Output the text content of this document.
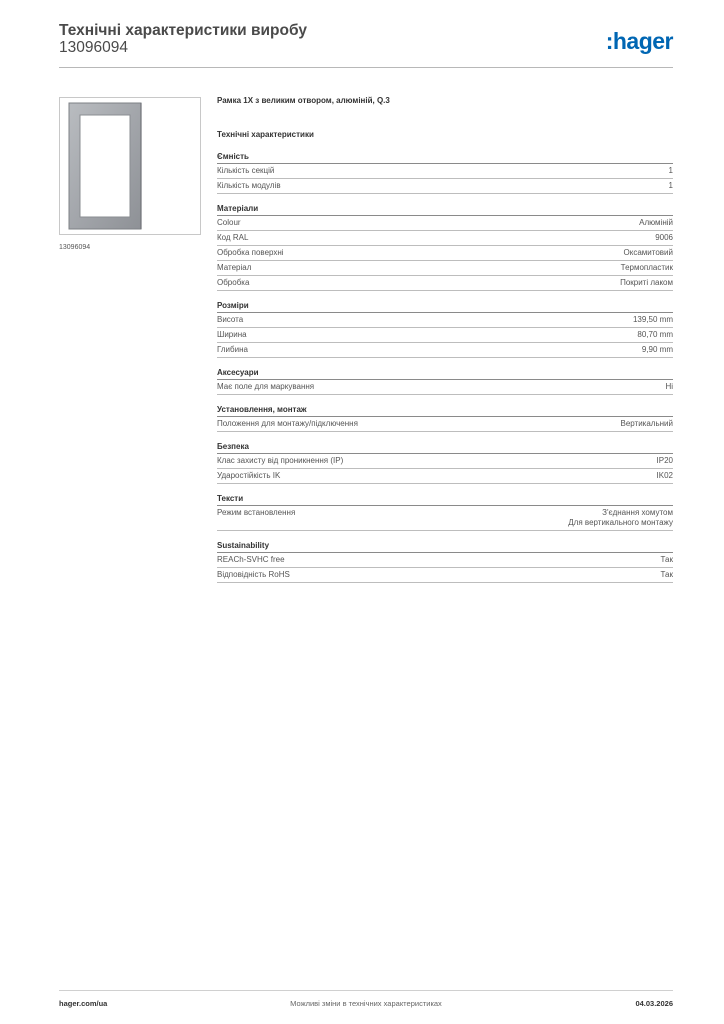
Технічні характеристики виробу
13096094	:hager
13096094
Рамка 1X з великим отвором, алюміній, Q.3
Технічні характеристики
Ємність
Кількість секцій	1
Кількість модулів	1
Матеріали
Colour	Алюміній
Код RAL	9006
Обробка поверхні	Оксамитовий
Матеріал	Термопластик
Обробка	Покриті лаком
Розміри
Висота	139,50 mm
Ширина	80,70 mm
Глибина	9,90 mm
Аксесуари
Має поле для маркування	Ні
Установлення, монтаж
Положення для монтажу/підключення	Вертикальний
Безпека
Клас захисту від проникнення (IP)	IP20
Ударостійкість IK	IK02
Тексти
Режим встановлення	З'єднання хомутом
Для вертикального монтажу
Sustainability
REACh-SVHC free	Так
Відповідність RoHS	Так
hager.com/ua	Можливі зміни в технічних характеристиках	04.03.2026
